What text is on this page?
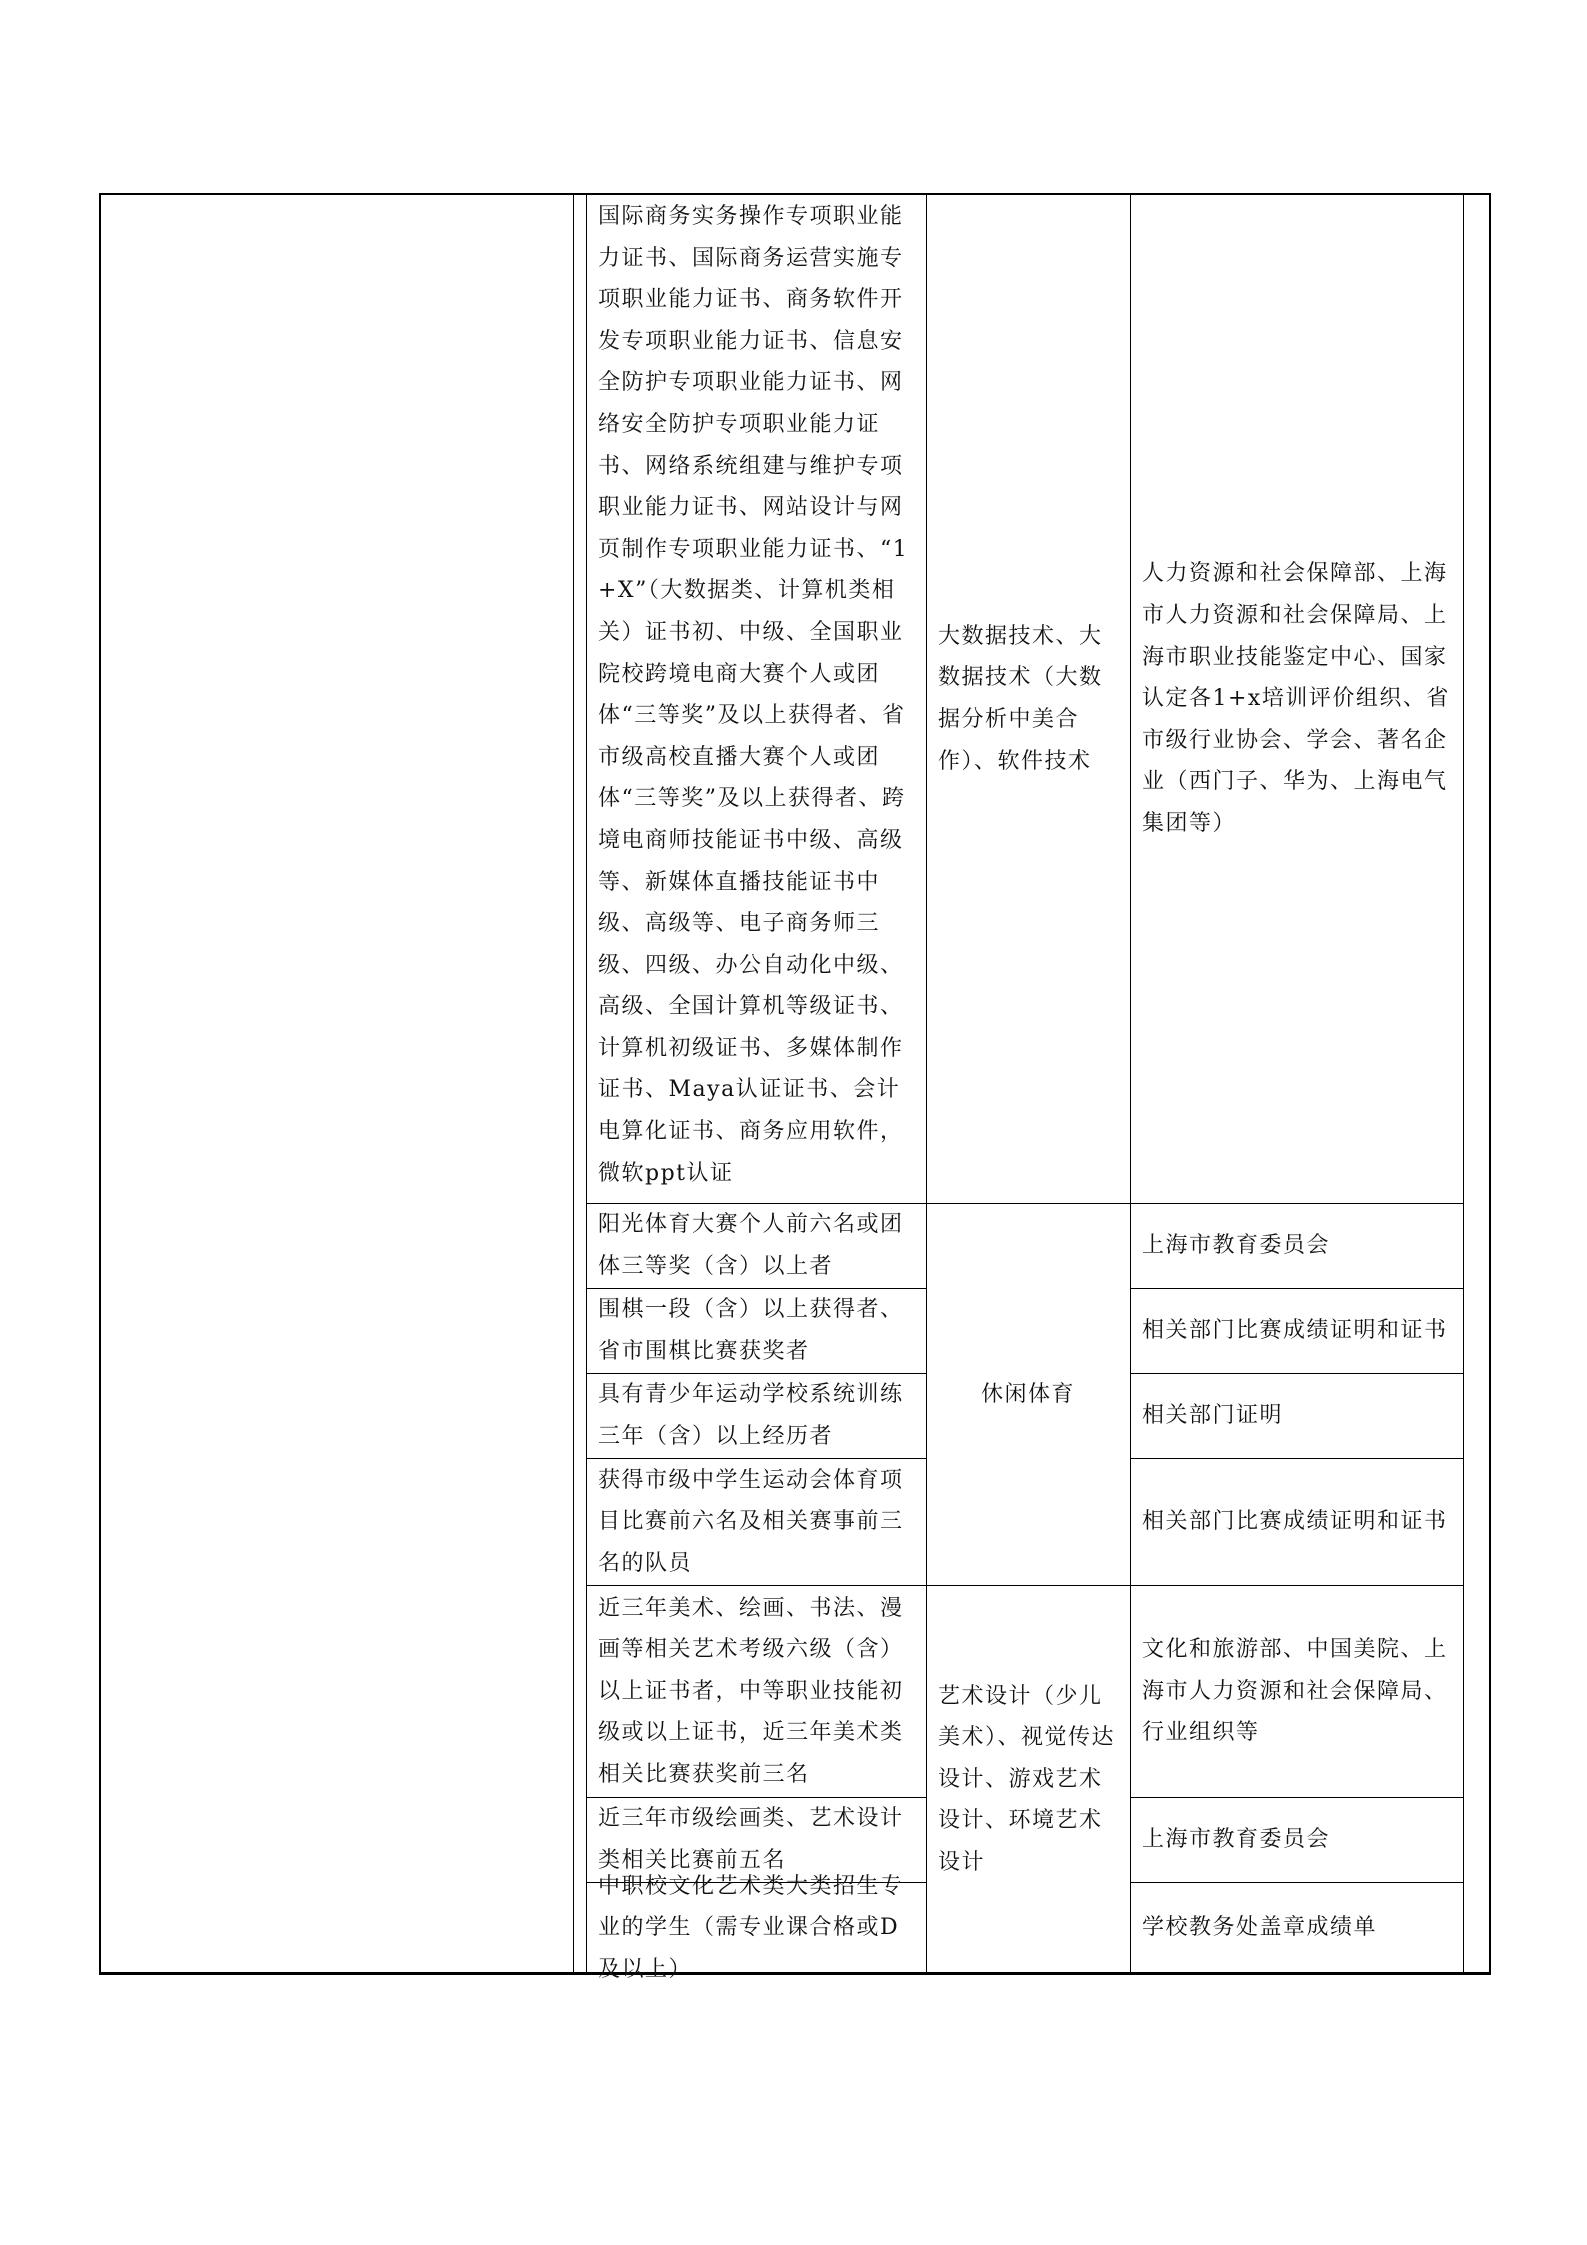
国际商务实务操作专项职业能力证书、国际商务运营实施专项职业能力证书、商务软件开发专项职业能力证书、信息安全防护专项职业能力证书、网络安全防护专项职业能力证书、网络系统组建与维护专项职业能力证书、网站设计与网页制作专项职业能力证书、“1+X”（大数据类、计算机类相关）证书初、中级、全国职业院校跨境电商大赛个人或团体“三等奖”及以上获得者、省市级高校直播大赛个人或团体“三等奖”及以上获得者、跨境电商师技能证书中级、高级等、新媒体直播技能证书中级、高级等、电子商务师三级、四级、办公自动化中级、高级、全国计算机等级证书、计算机初级证书、多媒体制作证书、Maya认证证书、会计电算化证书、商务应用软件，微软ppt认证
大数据技术、大数据技术（大数据分析中美合作）、软件技术
人力资源和社会保障部、上海市人力资源和社会保障局、上海市职业技能鉴定中心、国家认定各1+x培训评价组织、省市级行业协会、学会、著名企业（西门子、华为、上海电气集团等）
阳光体育大赛个人前六名或团体三等奖（含）以上者
上海市教育委员会
围棋一段（含）以上获得者、省市围棋比赛获奖者
相关部门比赛成绩证明和证书
具有青少年运动学校系统训练三年（含）以上经历者
相关部门证明
获得市级中学生运动会体育项目比赛前六名及相关赛事前三名的队员
相关部门比赛成绩证明和证书
休闲体育
近三年美术、绘画、书法、漫画等相关艺术考级六级（含）以上证书者，中等职业技能初级或以上证书，近三年美术类相关比赛获奖前三名
文化和旅游部、中国美院、上海市人力资源和社会保障局、行业组织等
近三年市级绘画类、艺术设计类相关比赛前五名
上海市教育委员会
中职校文化艺术类大类招生专业的学生（需专业课合格或D及以上）
学校教务处盖章成绩单
艺术设计（少儿美术）、视觉传达设计、游戏艺术设计、环境艺术设计
